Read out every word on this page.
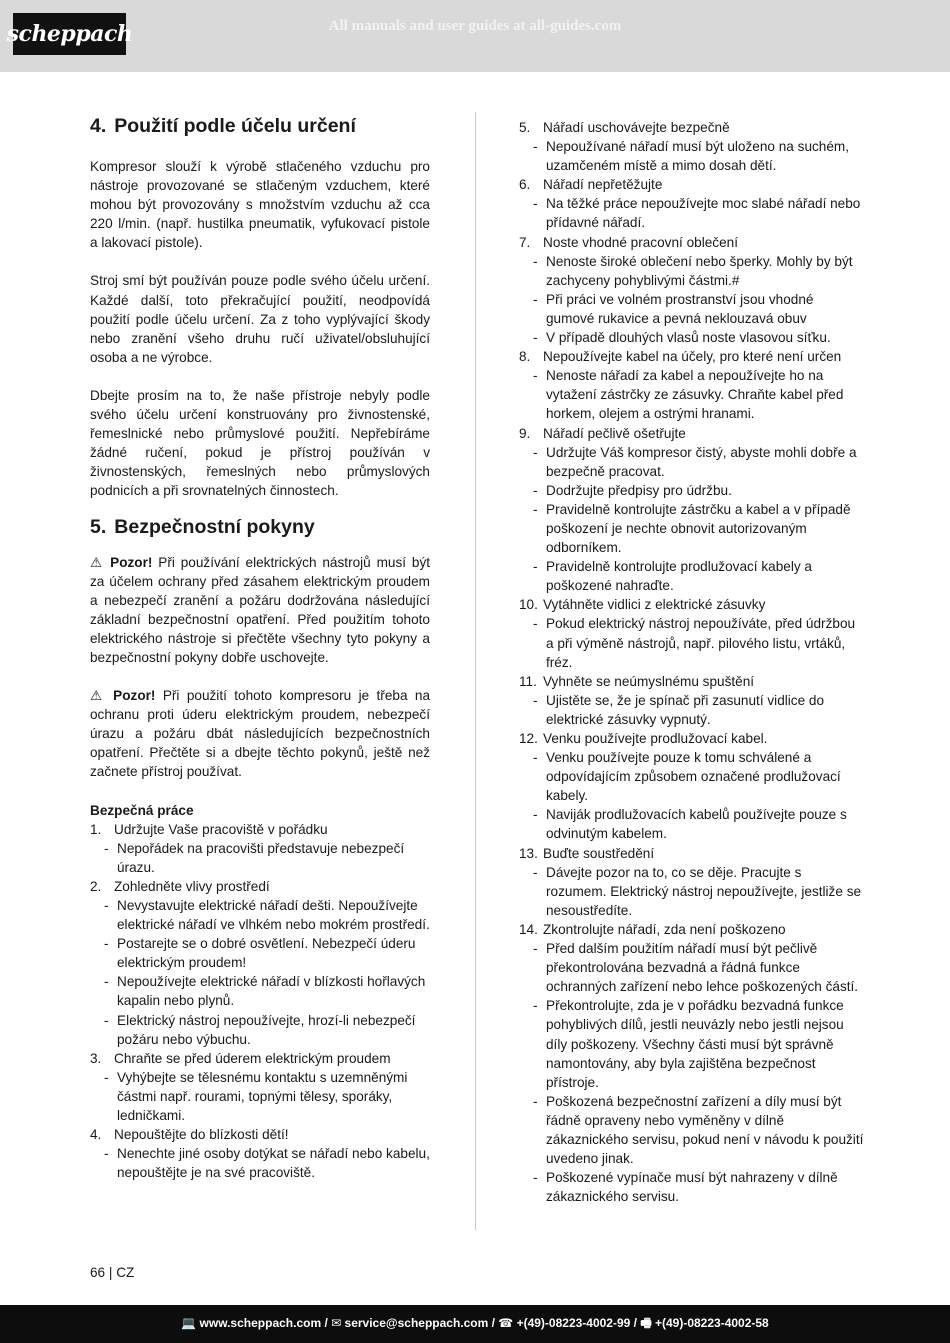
scheppach	All manuals and user guides at all-guides.com
4. Použití podle účelu určení

Kompresor slouží k výrobě stlačeného vzduchu pro nástroje provozované se stlačeným vzduchem, které mohou být provozovány s množstvím vzduchu až cca 220 l/min. (např. hustilka pneumatik, vyfukovací pistole a lakovací pistole).

Stroj smí být používán pouze podle svého účelu určení. Každé další, toto překračující použití, neodpovídá použití podle účelu určení. Za z toho vyplývající škody nebo zranění všeho druhu ručí uživatel/obsluhující osoba a ne výrobce.

Dbejte prosím na to, že naše přístroje nebyly podle svého účelu určení konstruovány pro živnostenské, řemeslnické nebo průmyslové použití. Nepřebíráme žádné ručení, pokud je přístroj používán v živnostenských, řemeslných nebo průmyslových podnicích a při srovnatelných činnostech.

5. Bezpečnostní pokyny

⚠ Pozor! Při používání elektrických nástrojů musí být za účelem ochrany před zásahem elektrickým proudem a nebezpečí zranění a požáru dodržována následující základní bezpečnostní opatření. Před použitím tohoto elektrického nástroje si přečtěte všechny tyto pokyny a bezpečnostní pokyny dobře uschovejte.

⚠ Pozor! Při použití tohoto kompresoru je třeba na ochranu proti úderu elektrickým proudem, nebezpečí úrazu a požáru dbát následujících bezpečnostních opatření. Přečtěte si a dbejte těchto pokynů, ještě než začnete přístroj používat.

Bezpečná práce
1. Udržujte Vaše pracoviště v pořádku
- Nepořádek na pracovišti představuje nebezpečí úrazu.
2. Zohledněte vlivy prostředí
- Nevystavujte elektrické nářadí dešti. Nepoužívejte elektrické nářadí ve vlhkém nebo mokrém prostředí.
- Postarejte se o dobré osvětlení. Nebezpečí úderu elektrickým proudem!
- Nepoužívejte elektrické nářadí v blízkosti hořlavých kapalin nebo plynů.
- Elektrický nástroj nepoužívejte, hrozí-li nebezpečí požáru nebo výbuchu.
3. Chraňte se před úderem elektrickým proudem
- Vyhýbejte se tělesnému kontaktu s uzemněnými částmi např. rourami, topnými tělesy, sporáky, ledničkami.
4. Nepouštějte do blízkosti dětí!
- Nenechte jiné osoby dotýkat se nářadí nebo kabelu, nepouštějte je na své pracoviště.
5. Nářadí uschovávejte bezpečně
- Nepoužívané nářadí musí být uloženo na suchém, uzamčeném místě a mimo dosah dětí.
6. Nářadí nepřetěžujte
- Na těžké práce nepoužívejte moc slabé nářadí nebo přídavné nářadí.
7. Noste vhodné pracovní oblečení
- Nenoste široké oblečení nebo šperky. Mohly by být zachyceny pohyblivými částmi.#
- Při práci ve volném prostranství jsou vhodné gumové rukavice a pevná neklouzavá obuv
- V případě dlouhých vlasů noste vlasovou síťku.
8. Nepoužívejte kabel na účely, pro které není určen
- Nenoste nářadí za kabel a nepoužívejte ho na vytažení zástrčky ze zásuvky. Chraňte kabel před horkem, olejem a ostrými hranami.
9. Nářadí pečlivě ošetřujte
- Udržujte Váš kompresor čistý, abyste mohli dobře a bezpečně pracovat.
- Dodržujte předpisy pro údržbu.
- Pravidelně kontrolujte zástrčku a kabel a v případě poškození je nechte obnovit autorizovaným odborníkem.
- Pravidelně kontrolujte prodlužovací kabely a poškozené nahraďte.
10. Vytáhněte vidlici z elektrické zásuvky
- Pokud elektrický nástroj nepoužíváte, před údržbou a při výměně nástrojů, např. pilového listu, vrtáků, fréz.
11. Vyhněte se neúmyslnému spuštění
- Ujistěte se, že je spínač při zasunutí vidlice do elektrické zásuvky vypnutý.
12. Venku používejte prodlužovací kabel.
- Venku používejte pouze k tomu schválené a odpovídajícím způsobem označené prodlužovací kabely.
- Naviják prodlužovacích kabelů používejte pouze s odvinutým kabelem.
13. Buďte soustředění
- Dávejte pozor na to, co se děje. Pracujte s rozumem. Elektrický nástroj nepoužívejte, jestliže se nesoustředíte.
14. Zkontrolujte nářadí, zda není poškozeno
- Před dalším použitím nářadí musí být pečlivě překontrolována bezvadná a řádná funkce ochranných zařízení nebo lehce poškozených částí.
- Překontrolujte, zda je v pořádku bezvadná funkce pohyblivých dílů, jestli neuvázly nebo jestli nejsou díly poškozeny. Všechny části musí být správně namontovány, aby byla zajištěna bezpečnost přístroje.
- Poškozená bezpečnostní zařízení a díly musí být řádně opraveny nebo vyměněny v dílně zákaznického servisu, pokud není v návodu k použití uvedeno jinak.
- Poškozené vypínače musí být nahrazeny v dílně zákaznického servisu.
66 | CZ
💻 www.scheppach.com / ✉ service@scheppach.com / ☎ +(49)-08223-4002-99 / 🖷 +(49)-08223-4002-58
